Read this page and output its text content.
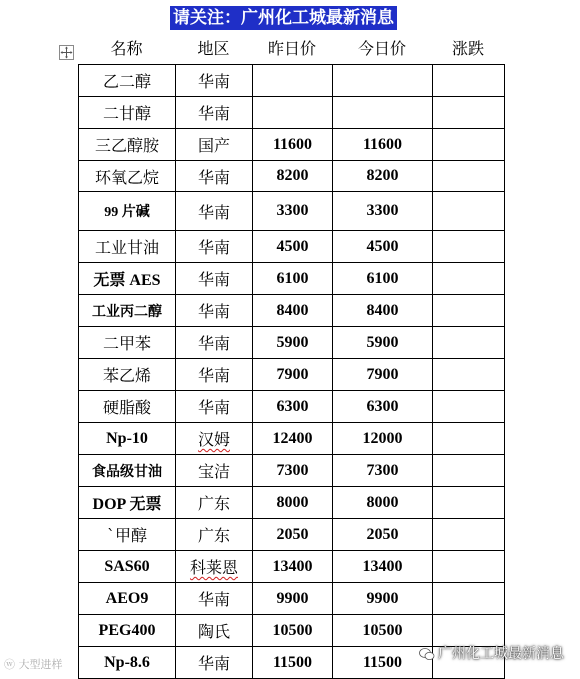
请关注：广州化工城最新消息
名称	地区	昨日价	今日价	涨跌
乙二醇	华南			
二甘醇	华南			
三乙醇胺	国产	11600	11600	
环氧乙烷	华南	8200	8200	
99 片碱	华南	3300	3300	
工业甘油	华南	4500	4500	
无票 AES	华南	6100	6100	
工业丙二醇	华南	8400	8400	
二甲苯	华南	5900	5900	
苯乙烯	华南	7900	7900	
硬脂酸	华南	6300	6300	
Np-10	汉姆	12400	12000	
食品级甘油	宝洁	7300	7300	
DOP 无票	广东	8000	8000	
`甲醇	广东	2050	2050	
SAS60	科莱恩	13400	13400	
AEO9	华南	9900	9900	
PEG400	陶氏	10500	10500	
Np-8.6	华南	11500	11500	
ⓦ 大型进样
广州化工城最新消息
